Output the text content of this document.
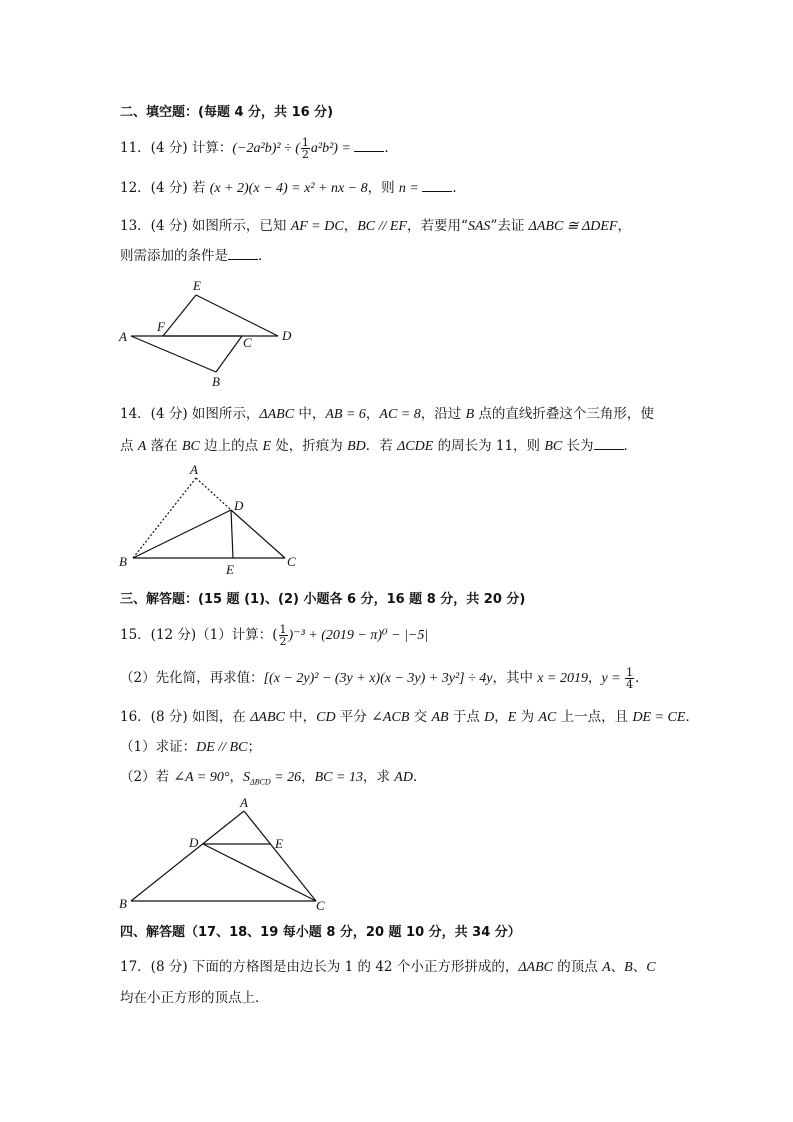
二、填空题：(每题 4 分，共 16 分)
11．(4 分) 计算：(−2a²b)² ÷ ( $\frac{1}{2} a^2b^2$) = ．
12．(4 分) 若 (x + 2)(x − 4) = x² + nx − 8，则 n = ．
13．(4 分) 如图所示，已知 AF = DC，BC // EF，若要用“SAS”去证 ΔABC ≅ ΔDEF，
则需添加的条件是 ．
A
F
E
D
C
B
14．(4 分) 如图所示，ΔABC 中，AB = 6，AC = 8，沿过 B 点的直线折叠这个三角形，使
点 A 落在 BC 边上的点 E 处，折痕为 BD．若 ΔCDE 的周长为 11，则 BC 长为 ．
A
D
B
E
C
三、解答题：(15 题 (1)、(2) 小题各 6 分，16 题 8 分，共 20 分)
15．(12 分)（1）计算：( $\frac{1}{2} )^{-3} + (2019 - \pi)^0 - |-5|$
（2）先化简，再求值：[(x − 2y)² − (3y + x)(x − 3y) + 3y²] ÷ 4y，其中 x = 2019，$y = \frac{1}{4}$ ．
16．(8 分) 如图，在 ΔABC 中，CD 平分 ∠ACB 交 AB 于点 D，E 为 AC 上一点，且 DE = CE．
（1）求证：DE // BC；
（2）若 ∠A = 90°，$S_{\Delta BCD} = 26$，BC = 13，求 AD．
A
D	E
B	C
四、解答题（17、18、19 每小题 8 分，20 题 10 分，共 34 分）
17．(8 分) 下面的方格图是由边长为 1 的 42 个小正方形拼成的，ΔABC 的顶点 A、B、C
均在小正方形的顶点上．
